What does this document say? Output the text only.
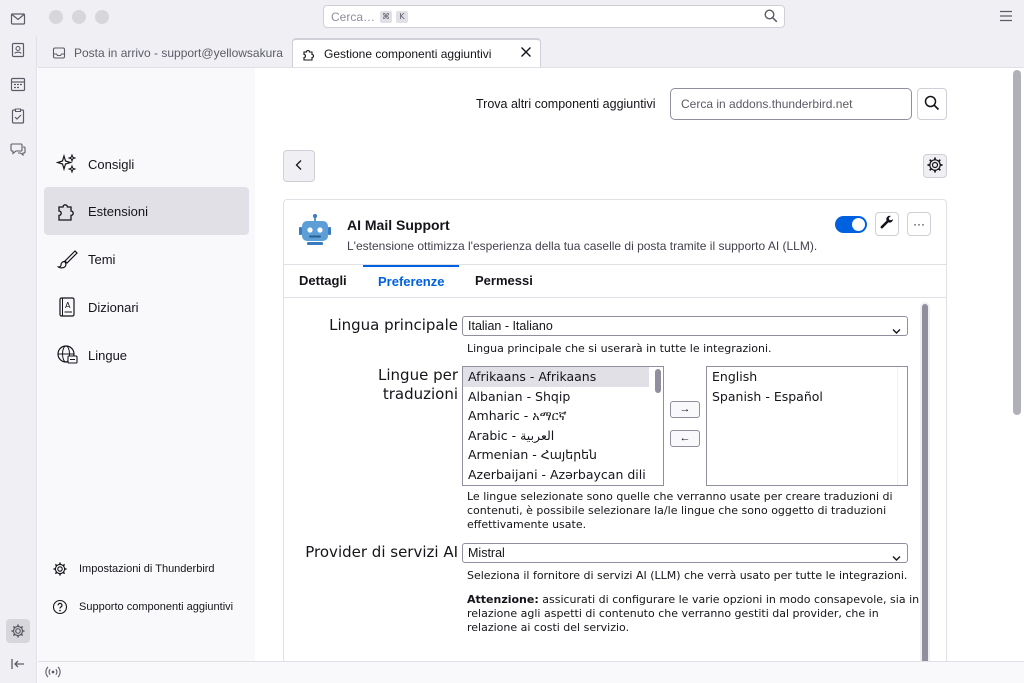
Cerca… ⌘	K
Posta in arrivo - support@yellowsakura	Gestione componenti aggiuntivi
Consigli
Estensioni
Temi
A Dizionari
Lingue
Impostazioni di Thunderbird
Supporto componenti aggiuntivi
Trova altri componenti aggiuntivi	Cerca in addons.thunderbird.net
AI Mail Support
L'estensione ottimizza l'esperienza della tua caselle di posta tramite il supporto AI (LLM).
···
Dettagli	Preferenze	Permessi
Lingua principale Italian - Italiano
Lingua principale che si userarà in tutte le integrazioni.
Lingue per
traduzioni
Afrikaans - Afrikaans
Albanian - Shqip
Amharic - አማርኛ
Arabic - العربية
Armenian - Հայերեն
Azerbaijani - Azərbaycan dili
→
←
English
Spanish - Español
Le lingue selezionate sono quelle che verranno usate per creare traduzioni di
contenuti, è possibile selezionare la/le lingue che sono oggetto di traduzioni
effettivamente usate.
Provider di servizi AI Mistral
Seleziona il fornitore di servizi AI (LLM) che verrà usato per tutte le integrazioni.
Attenzione: assicurati di configurare le varie opzioni in modo consapevole, sia in
relazione agli aspetti di contenuto che verranno gestiti dal provider, che in
relazione ai costi del servizio.
